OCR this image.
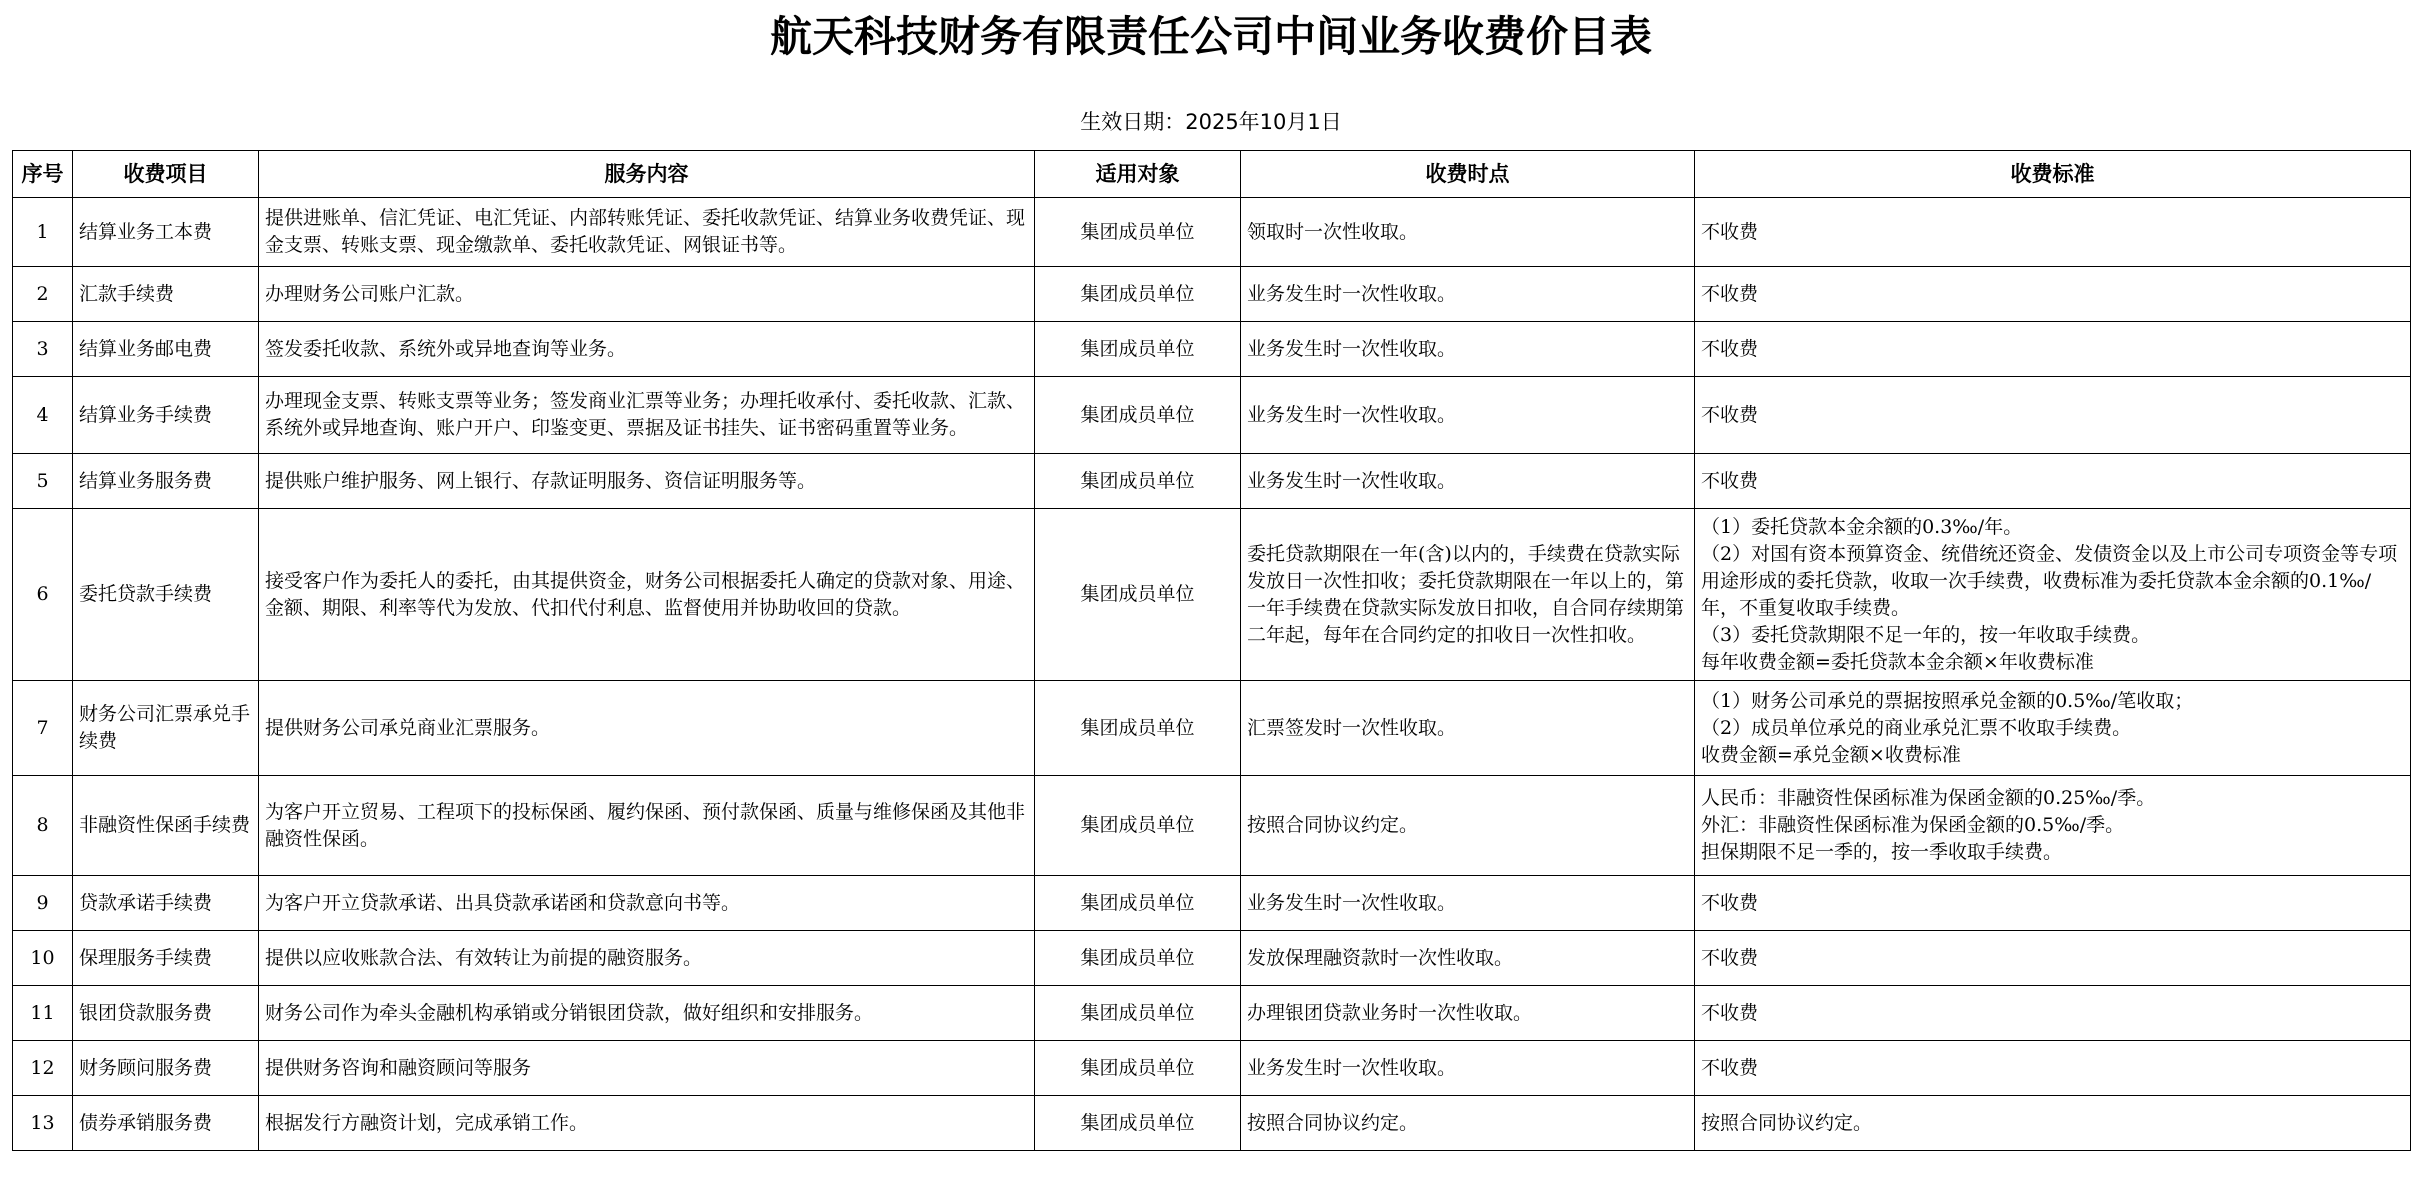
航天科技财务有限责任公司中间业务收费价目表
生效日期：2025年10月1日
序号	收费项目	服务内容	适用对象	收费时点	收费标准
1	结算业务工本费	提供进账单、信汇凭证、电汇凭证、内部转账凭证、委托收款凭证、结算业务收费凭证、现金支票、转账支票、现金缴款单、委托收款凭证、网银证书等。	集团成员单位	领取时一次性收取。	不收费

2	汇款手续费	办理财务公司账户汇款。	集团成员单位	业务发生时一次性收取。	不收费

3	结算业务邮电费	签发委托收款、系统外或异地查询等业务。	集团成员单位	业务发生时一次性收取。	不收费

4	结算业务手续费	办理现金支票、转账支票等业务；签发商业汇票等业务；办理托收承付、委托收款、汇款、系统外或异地查询、账户开户、印鉴变更、票据及证书挂失、证书密码重置等业务。	集团成员单位	业务发生时一次性收取。	不收费

5	结算业务服务费	提供账户维护服务、网上银行、存款证明服务、资信证明服务等。	集团成员单位	业务发生时一次性收取。	不收费

6	委托贷款手续费	接受客户作为委托人的委托，由其提供资金，财务公司根据委托人确定的贷款对象、用途、金额、期限、利率等代为发放、代扣代付利息、监督使用并协助收回的贷款。	集团成员单位	委托贷款期限在一年(含)以内的，手续费在贷款实际发放日一次性扣收；委托贷款期限在一年以上的，第一年手续费在贷款实际发放日扣收，自合同存续期第二年起，每年在合同约定的扣收日一次性扣收。	（1）委托贷款本金余额的0.3‰/年。
（2）对国有资本预算资金、统借统还资金、发债资金以及上市公司专项资金等专项用途形成的委托贷款，收取一次手续费，收费标准为委托贷款本金余额的0.1‰/年，不重复收取手续费。
（3）委托贷款期限不足一年的，按一年收取手续费。
每年收费金额=委托贷款本金余额×年收费标准

7	财务公司汇票承兑手续费	提供财务公司承兑商业汇票服务。	集团成员单位	汇票签发时一次性收取。	（1）财务公司承兑的票据按照承兑金额的0.5‰/笔收取；
（2）成员单位承兑的商业承兑汇票不收取手续费。
收费金额=承兑金额×收费标准

8	非融资性保函手续费	为客户开立贸易、工程项下的投标保函、履约保函、预付款保函、质量与维修保函及其他非融资性保函。	集团成员单位	按照合同协议约定。	人民币：非融资性保函标准为保函金额的0.25‰/季。
外汇：非融资性保函标准为保函金额的0.5‰/季。
担保期限不足一季的，按一季收取手续费。

9	贷款承诺手续费	为客户开立贷款承诺、出具贷款承诺函和贷款意向书等。	集团成员单位	业务发生时一次性收取。	不收费

10	保理服务手续费	提供以应收账款合法、有效转让为前提的融资服务。	集团成员单位	发放保理融资款时一次性收取。	不收费

11	银团贷款服务费	财务公司作为牵头金融机构承销或分销银团贷款，做好组织和安排服务。	集团成员单位	办理银团贷款业务时一次性收取。	不收费

12	财务顾问服务费	提供财务咨询和融资顾问等服务	集团成员单位	业务发生时一次性收取。	不收费

13	债券承销服务费	根据发行方融资计划，完成承销工作。	集团成员单位	按照合同协议约定。	按照合同协议约定。
